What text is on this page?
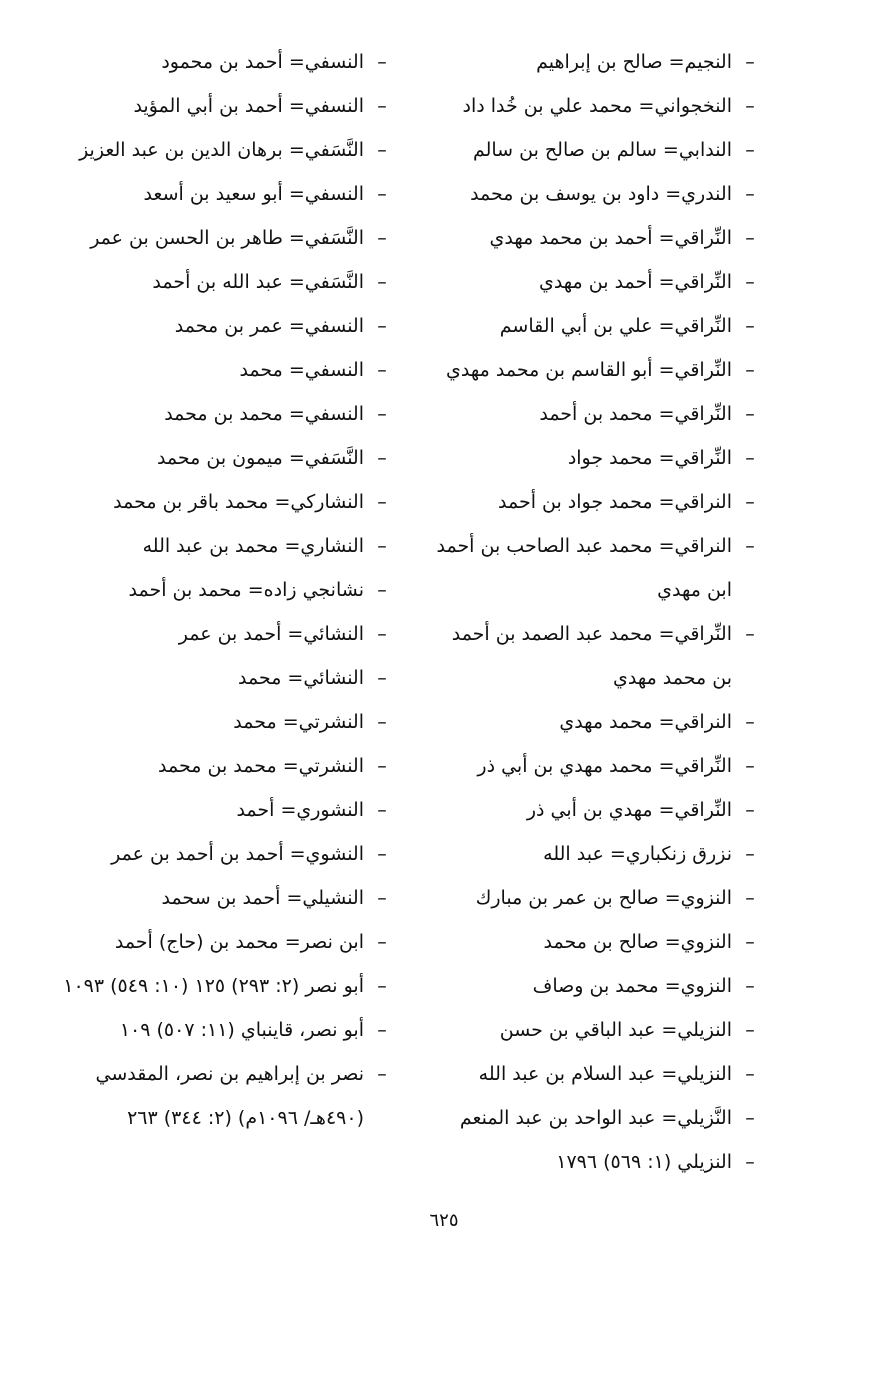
–
النجيم= صالح بن إبراهيم
–
النخجواني= محمد علي بن خُدا داد
–
الندابي= سالم بن صالح بن سالم
–
الندري= داود بن يوسف بن محمد
–
النِّراقي= أحمد بن محمد مهدي
–
النِّراقي= أحمد بن مهدي
–
النِّراقي= علي بن أبي القاسم
–
النِّراقي= أبو القاسم بن محمد مهدي
–
النِّراقي= محمد بن أحمد
–
النِّراقي= محمد جواد
–
النراقي= محمد جواد بن أحمد
–
النراقي= محمد عبد الصاحب بن أحمد ابن مهدي
–
النِّراقي= محمد عبد الصمد بن أحمد بن محمد مهدي
–
النراقي= محمد مهدي
–
النِّراقي= محمد مهدي بن أبي ذر
–
النِّراقي= مهدي بن أبي ذر
–
نزرق زنكباري= عبد الله
–
النزوي= صالح بن عمر بن مبارك
–
النزوي= صالح بن محمد
–
النزوي= محمد بن وصاف
–
النزيلي= عبد الباقي بن حسن
–
النزيلي= عبد السلام بن عبد الله
–
النَّزيلي= عبد الواحد بن عبد المنعم
–
النزيلي (١: ٥٦٩) ١٧٩٦
–
النسفي= أحمد بن محمود
–
النسفي= أحمد بن أبي المؤيد
–
النَّسَفي= برهان الدين بن عبد العزيز
–
النسفي= أبو سعيد بن أسعد
–
النَّسَفي= طاهر بن الحسن بن عمر
–
النَّسَفي= عبد الله بن أحمد
–
النسفي= عمر بن محمد
–
النسفي= محمد
–
النسفي= محمد بن محمد
–
النَّسَفي= ميمون بن محمد
–
النشاركي= محمد باقر بن محمد
–
النشاري= محمد بن عبد الله
–
نشانجي زاده= محمد بن أحمد
–
النشائي= أحمد بن عمر
–
النشائي= محمد
–
النشرتي= محمد
–
النشرتي= محمد بن محمد
–
النشوري= أحمد
–
النشوي= أحمد بن أحمد بن عمر
–
النشيلي= أحمد بن سحمد
–
ابن نصر= محمد بن (حاج) أحمد
–
أبو نصر (٢: ٢٩٣) ١٢٥ (١٠: ٥٤٩) ١٠٩٣
–
أبو نصر، قاينباي (١١: ٥٠٧) ١٠٩
–
نصر بن إبراهيم بن نصر، المقدسي (٤٩٠هـ/ ١٠٩٦م) (٢: ٣٤٤) ٢٦٣
٦٢٥
